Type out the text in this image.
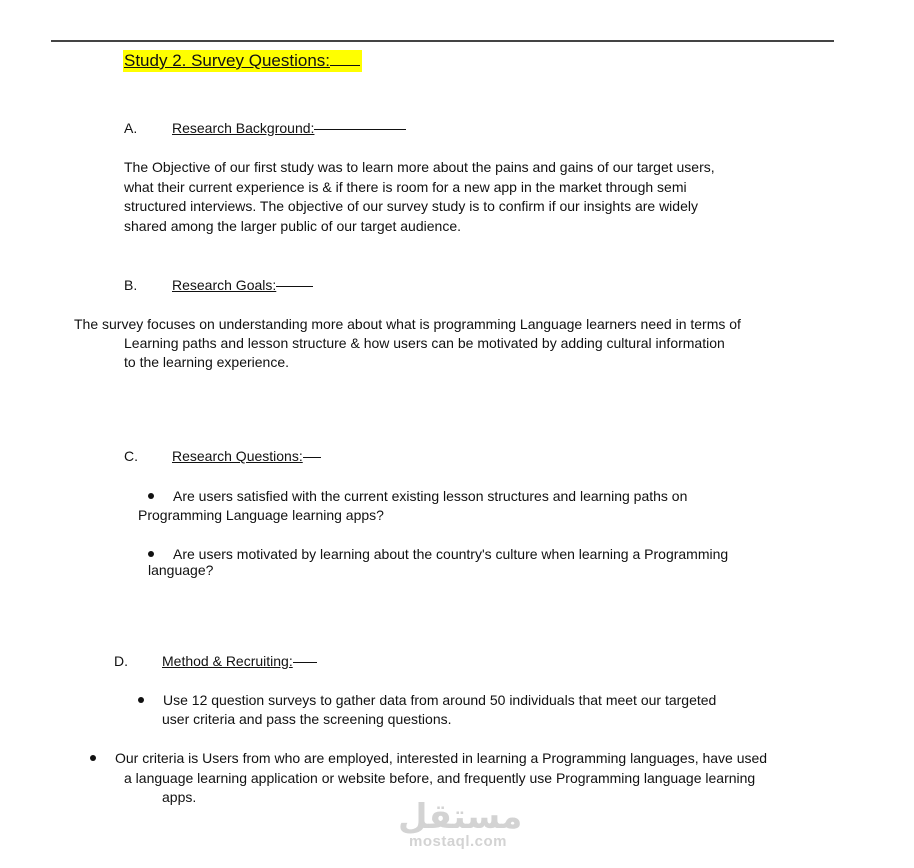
Study 2. Survey Questions:
A. Research Background:
The Objective of our first study was to learn more about the pains and gains of our target users,
what their current experience is & if there is room for a new app in the market through semi
structured interviews. The objective of our survey study is to confirm if our insights are widely
shared among the larger public of our target audience.
B. Research Goals:
The survey focuses on understanding more about what is programming Language learners need in terms of
Learning paths and lesson structure & how users can be motivated by adding cultural information
to the learning experience.
C. Research Questions:
Are users satisfied with the current existing lesson structures and learning paths on
Programming Language learning apps?
Are users motivated by learning about the country's culture when learning a Programming
language?
D. Method & Recruiting:
Use 12 question surveys to gather data from around 50 individuals that meet our targeted
user criteria and pass the screening questions.
Our criteria is Users from who are employed, interested in learning a Programming languages, have used
a language learning application or website before, and frequently use Programming language learning
apps.	مستقل
mostaql.com
